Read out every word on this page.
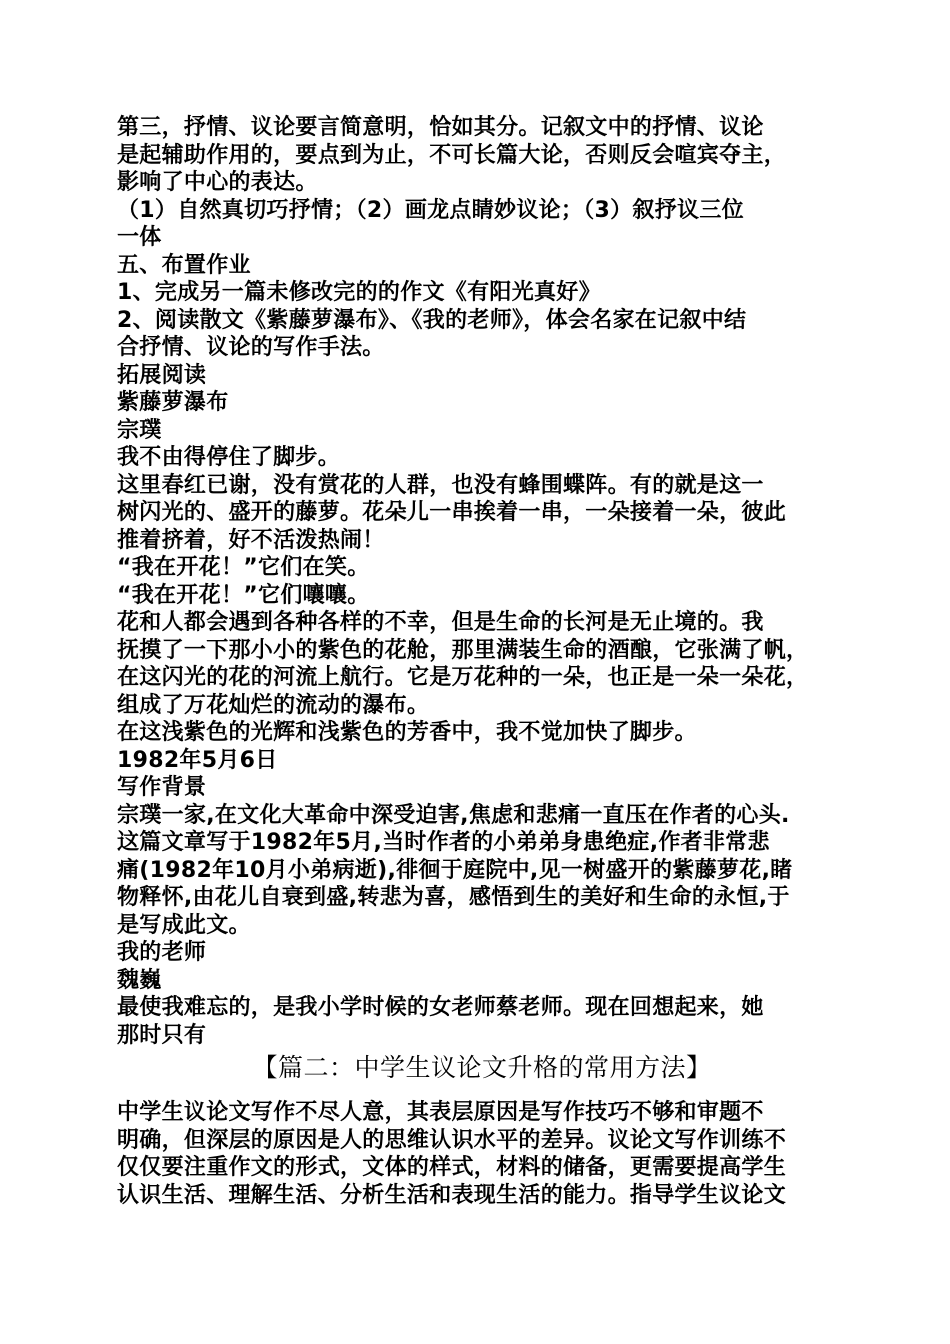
第三，抒情、议论要言简意明，恰如其分。记叙文中的抒情、议论
是起辅助作用的，要点到为止，不可长篇大论，否则反会喧宾夺主，
影响了中心的表达。
（1）自然真切巧抒情；（2）画龙点睛妙议论；（3）叙抒议三位
一体
五、布置作业
1、完成另一篇未修改完的的作文《有阳光真好》
2、阅读散文《紫藤萝瀑布》、《我的老师》，体会名家在记叙中结
合抒情、议论的写作手法。
拓展阅读
紫藤萝瀑布
宗璞
我不由得停住了脚步。
这里春红已谢，没有赏花的人群，也没有蜂围蝶阵。有的就是这一
树闪光的、盛开的藤萝。花朵儿一串挨着一串，一朵接着一朵，彼此
推着挤着，好不活泼热闹！
“我在开花！”它们在笑。
“我在开花！”它们嚷嚷。
花和人都会遇到各种各样的不幸，但是生命的长河是无止境的。我
抚摸了一下那小小的紫色的花舱，那里满装生命的酒酿，它张满了帆，
在这闪光的花的河流上航行。它是万花种的一朵，也正是一朵一朵花，
组成了万花灿烂的流动的瀑布。
在这浅紫色的光辉和浅紫色的芳香中，我不觉加快了脚步。
1982年5月6日
写作背景
宗璞一家,在文化大革命中深受迫害,焦虑和悲痛一直压在作者的心头.
这篇文章写于1982年5月,当时作者的小弟弟身患绝症,作者非常悲
痛(1982年10月小弟病逝),徘徊于庭院中,见一树盛开的紫藤萝花,睹
物释怀,由花儿自衰到盛,转悲为喜，感悟到生的美好和生命的永恒,于
是写成此文。
我的老师
魏巍
最使我难忘的，是我小学时候的女老师蔡老师。现在回想起来，她
那时只有
【篇二：中学生议论文升格的常用方法】
中学生议论文写作不尽人意，其表层原因是写作技巧不够和审题不
明确，但深层的原因是人的思维认识水平的差异。议论文写作训练不
仅仅要注重作文的形式，文体的样式，材料的储备，更需要提高学生
认识生活、理解生活、分析生活和表现生活的能力。指导学生议论文
